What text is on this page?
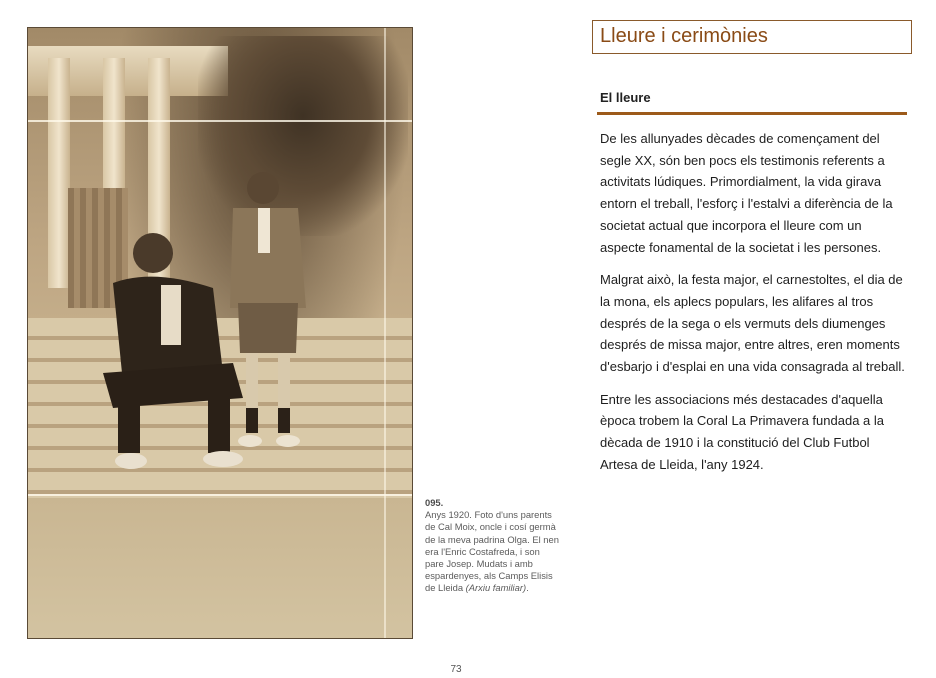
095.
Anys 1920. Foto d'uns parents de Cal Moix, oncle i cosí germà de la meva padrina Olga. El nen era l'Enric Costafreda, i son pare Josep. Mudats i amb espardenyes, als Camps Elisis de Lleida (Arxiu familiar).
Lleure i cerimònies
El lleure

De les allunyades dècades de començament del segle XX, són ben pocs els testimonis referents a activitats lúdiques. Primordialment, la vida girava entorn el treball, l'esforç i l'estalvi a diferència de la societat actual que incorpora el lleure com un aspecte fonamental de la societat i les persones.

Malgrat això, la festa major, el carnestoltes, el dia de la mona, els aplecs populars, les alifares al tros després de la sega o els vermuts dels diumenges després de missa major, entre altres, eren moments d'esbarjo i d'esplai en una vida consagrada al treball.

Entre les associacions més destacades d'aquella època trobem la Coral La Primavera fundada a la dècada de 1910 i la constitució del Club Futbol Artesa de Lleida, l'any 1924.

73
